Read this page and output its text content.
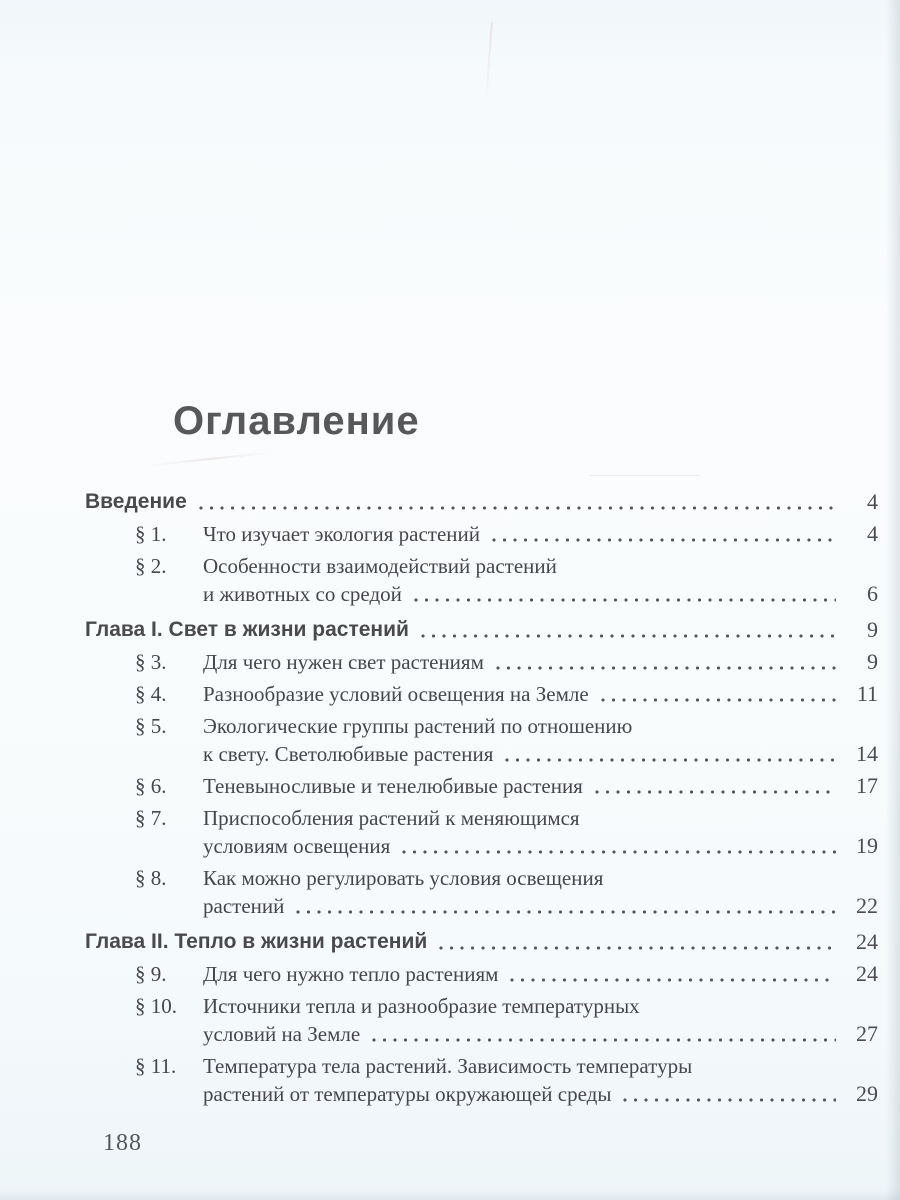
Оглавление
Введение	4
§ 1.	Что изучает экология растений	4
§ 2.	Особенности взаимодействий растений
и животных со средой	6
Глава I. Свет в жизни растений	9
§ 3.	Для чего нужен свет растениям	9
§ 4.	Разнообразие условий освещения на Земле	11
§ 5.	Экологические группы растений по отношению
к свету. Светолюбивые растения	14
§ 6.	Теневыносливые и тенелюбивые растения	17
§ 7.	Приспособления растений к меняющимся
условиям освещения	19
§ 8.	Как можно регулировать условия освещения
растений	22
Глава II. Тепло в жизни растений	24
§ 9.	Для чего нужно тепло растениям	24
§ 10.	Источники тепла и разнообразие температурных
условий на Земле	27
§ 11.	Температура тела растений. Зависимость температуры
растений от температуры окружающей среды	29
188
